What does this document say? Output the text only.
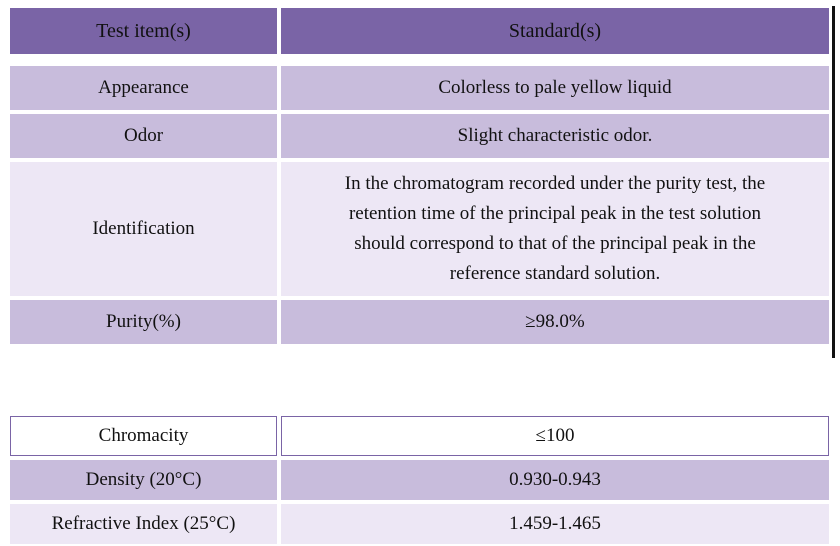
Test item(s)	Standard(s)

Appearance	Colorless to pale yellow liquid
Odor	Slight characteristic odor.
Identification	In the chromatogram recorded under the purity test, the
retention time of the principal peak in the test solution
should correspond to that of the principal peak in the
reference standard solution.
Purity(%)	≥98.0%
Chromacity	≤100
Density (20°C)	0.930-0.943
Refractive Index (25°C)	1.459-1.465
